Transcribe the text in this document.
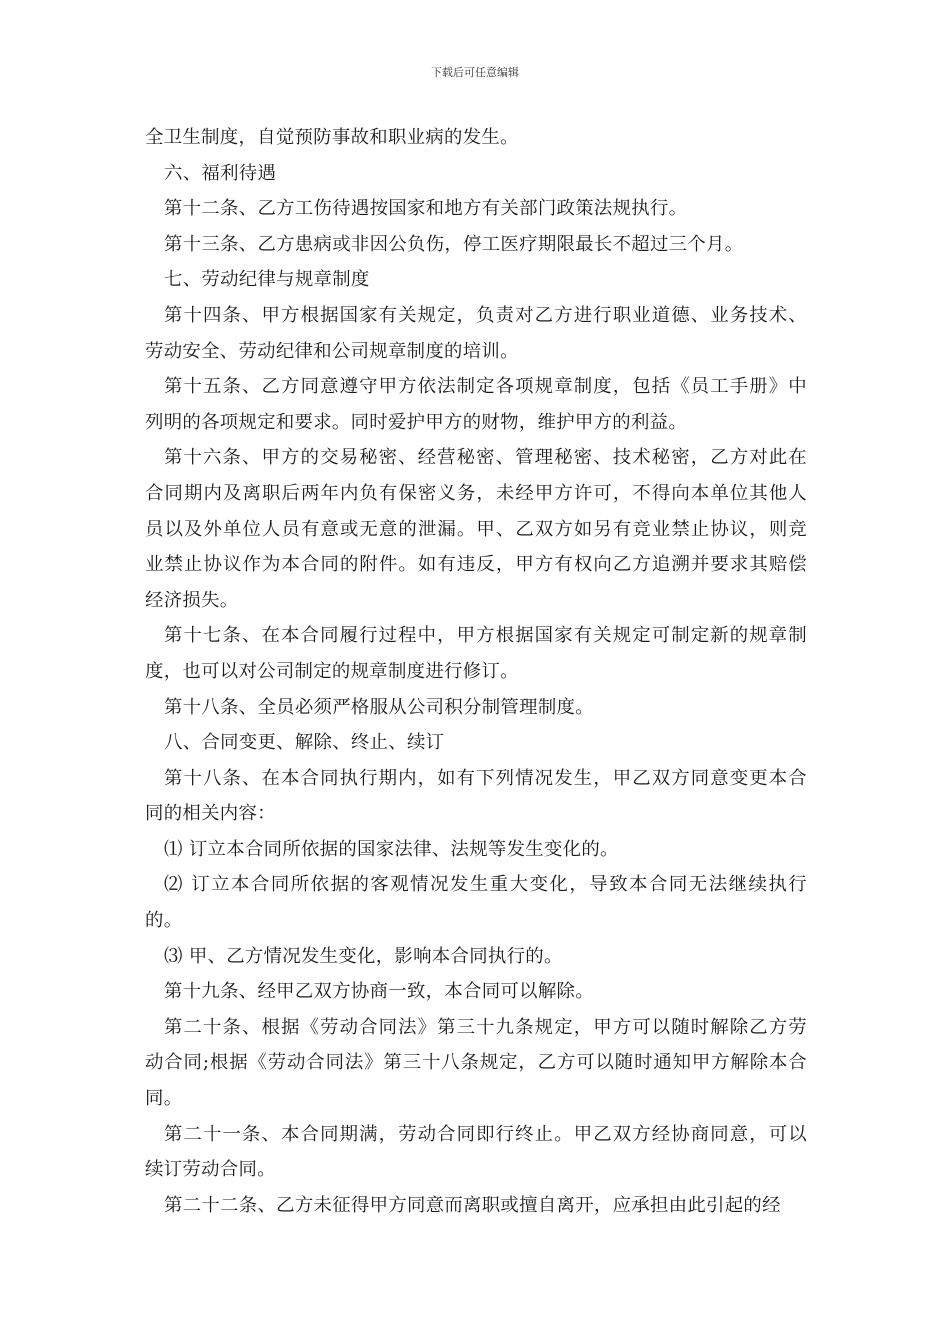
下载后可任意编辑
全卫生制度，自觉预防事故和职业病的发生。
六、福利待遇
第十二条、乙方工伤待遇按国家和地方有关部门政策法规执行。
第十三条、乙方患病或非因公负伤，停工医疗期限最长不超过三个月。
七、劳动纪律与规章制度
第十四条、甲方根据国家有关规定，负责对乙方进行职业道德、业务技术、
劳动安全、劳动纪律和公司规章制度的培训。
第十五条、乙方同意遵守甲方依法制定各项规章制度，包括《员工手册》中
列明的各项规定和要求。同时爱护甲方的财物，维护甲方的利益。
第十六条、甲方的交易秘密、经营秘密、管理秘密、技术秘密，乙方对此在
合同期内及离职后两年内负有保密义务，未经甲方许可，不得向本单位其他人
员以及外单位人员有意或无意的泄漏。甲、乙双方如另有竞业禁止协议，则竞
业禁止协议作为本合同的附件。如有违反，甲方有权向乙方追溯并要求其赔偿
经济损失。
第十七条、在本合同履行过程中，甲方根据国家有关规定可制定新的规章制
度，也可以对公司制定的规章制度进行修订。
第十八条、全员必须严格服从公司积分制管理制度。
八、合同变更、解除、终止、续订
第十八条、在本合同执行期内，如有下列情况发生，甲乙双方同意变更本合
同的相关内容：
⑴ 订立本合同所依据的国家法律、法规等发生变化的。
⑵ 订立本合同所依据的客观情况发生重大变化，导致本合同无法继续执行
的。
⑶ 甲、乙方情况发生变化，影响本合同执行的。
第十九条、经甲乙双方协商一致，本合同可以解除。
第二十条、根据《劳动合同法》第三十九条规定，甲方可以随时解除乙方劳
动合同;根据《劳动合同法》第三十八条规定，乙方可以随时通知甲方解除本合
同。
第二十一条、本合同期满，劳动合同即行终止。甲乙双方经协商同意，可以
续订劳动合同。
第二十二条、乙方未征得甲方同意而离职或擅自离开，应承担由此引起的经
